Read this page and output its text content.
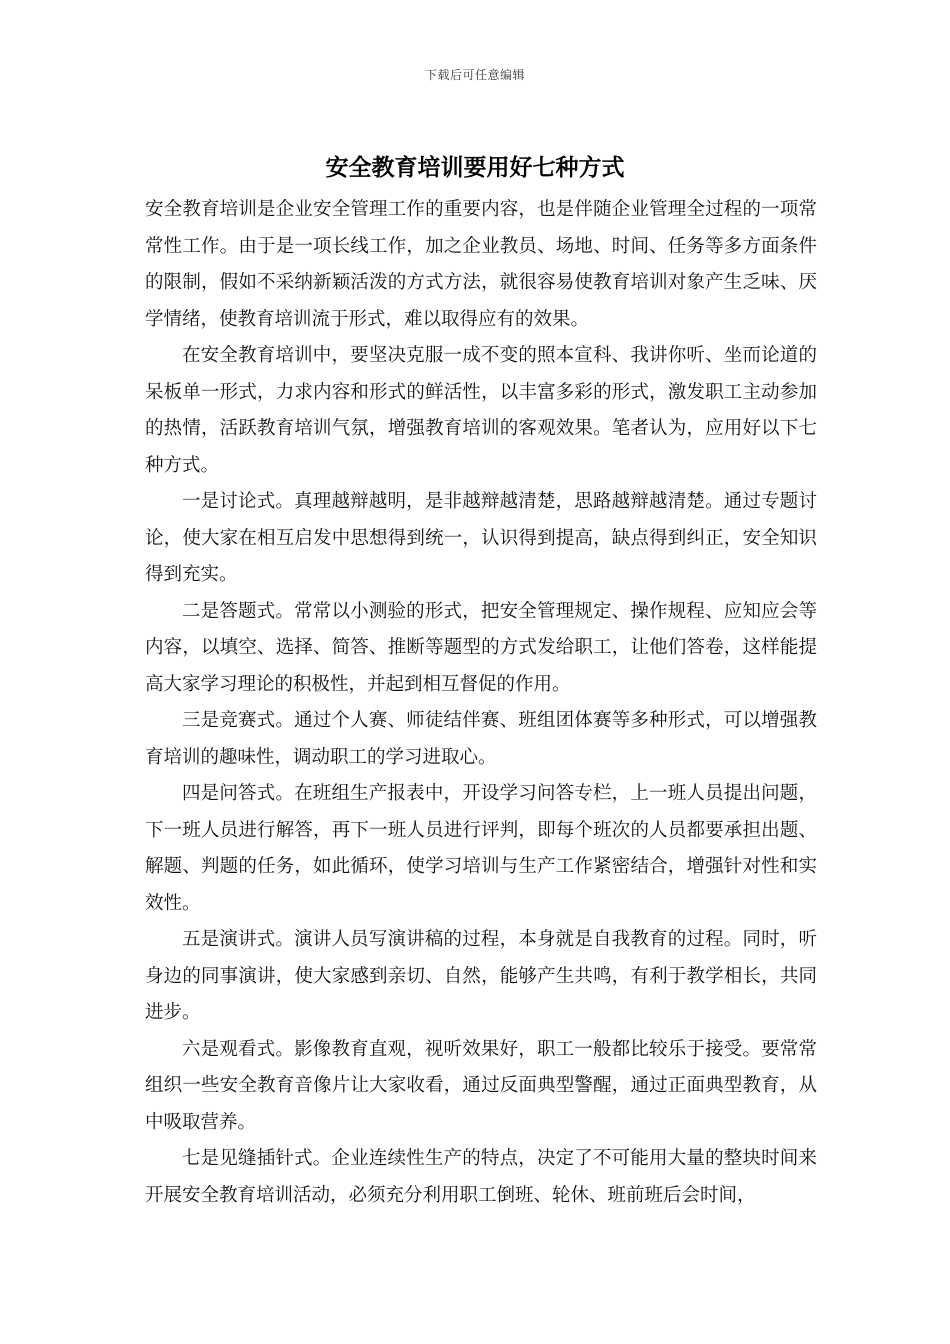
下载后可任意编辑
安全教育培训要用好七种方式

安全教育培训是企业安全管理工作的重要内容，也是伴随企业管理全过程的一项常常性工作。由于是一项长线工作，加之企业教员、场地、时间、任务等多方面条件的限制，假如不采纳新颖活泼的方式方法，就很容易使教育培训对象产生乏味、厌学情绪，使教育培训流于形式，难以取得应有的效果。

在安全教育培训中，要坚决克服一成不变的照本宣科、我讲你听、坐而论道的呆板单一形式，力求内容和形式的鲜活性，以丰富多彩的形式，激发职工主动参加的热情，活跃教育培训气氛，增强教育培训的客观效果。笔者认为，应用好以下七种方式。

一是讨论式。真理越辩越明，是非越辩越清楚，思路越辩越清楚。通过专题讨论，使大家在相互启发中思想得到统一，认识得到提高，缺点得到纠正，安全知识得到充实。

二是答题式。常常以小测验的形式，把安全管理规定、操作规程、应知应会等内容，以填空、选择、简答、推断等题型的方式发给职工，让他们答卷，这样能提高大家学习理论的积极性，并起到相互督促的作用。

三是竞赛式。通过个人赛、师徒结伴赛、班组团体赛等多种形式，可以增强教育培训的趣味性，调动职工的学习进取心。

四是问答式。在班组生产报表中，开设学习问答专栏，上一班人员提出问题，下一班人员进行解答，再下一班人员进行评判，即每个班次的人员都要承担出题、解题、判题的任务，如此循环，使学习培训与生产工作紧密结合，增强针对性和实效性。

五是演讲式。演讲人员写演讲稿的过程，本身就是自我教育的过程。同时，听身边的同事演讲，使大家感到亲切、自然，能够产生共鸣，有利于教学相长，共同进步。

六是观看式。影像教育直观，视听效果好，职工一般都比较乐于接受。要常常组织一些安全教育音像片让大家收看，通过反面典型警醒，通过正面典型教育，从中吸取营养。

七是见缝插针式。企业连续性生产的特点，决定了不可能用大量的整块时间来开展安全教育培训活动，必须充分利用职工倒班、轮休、班前班后会时间，
